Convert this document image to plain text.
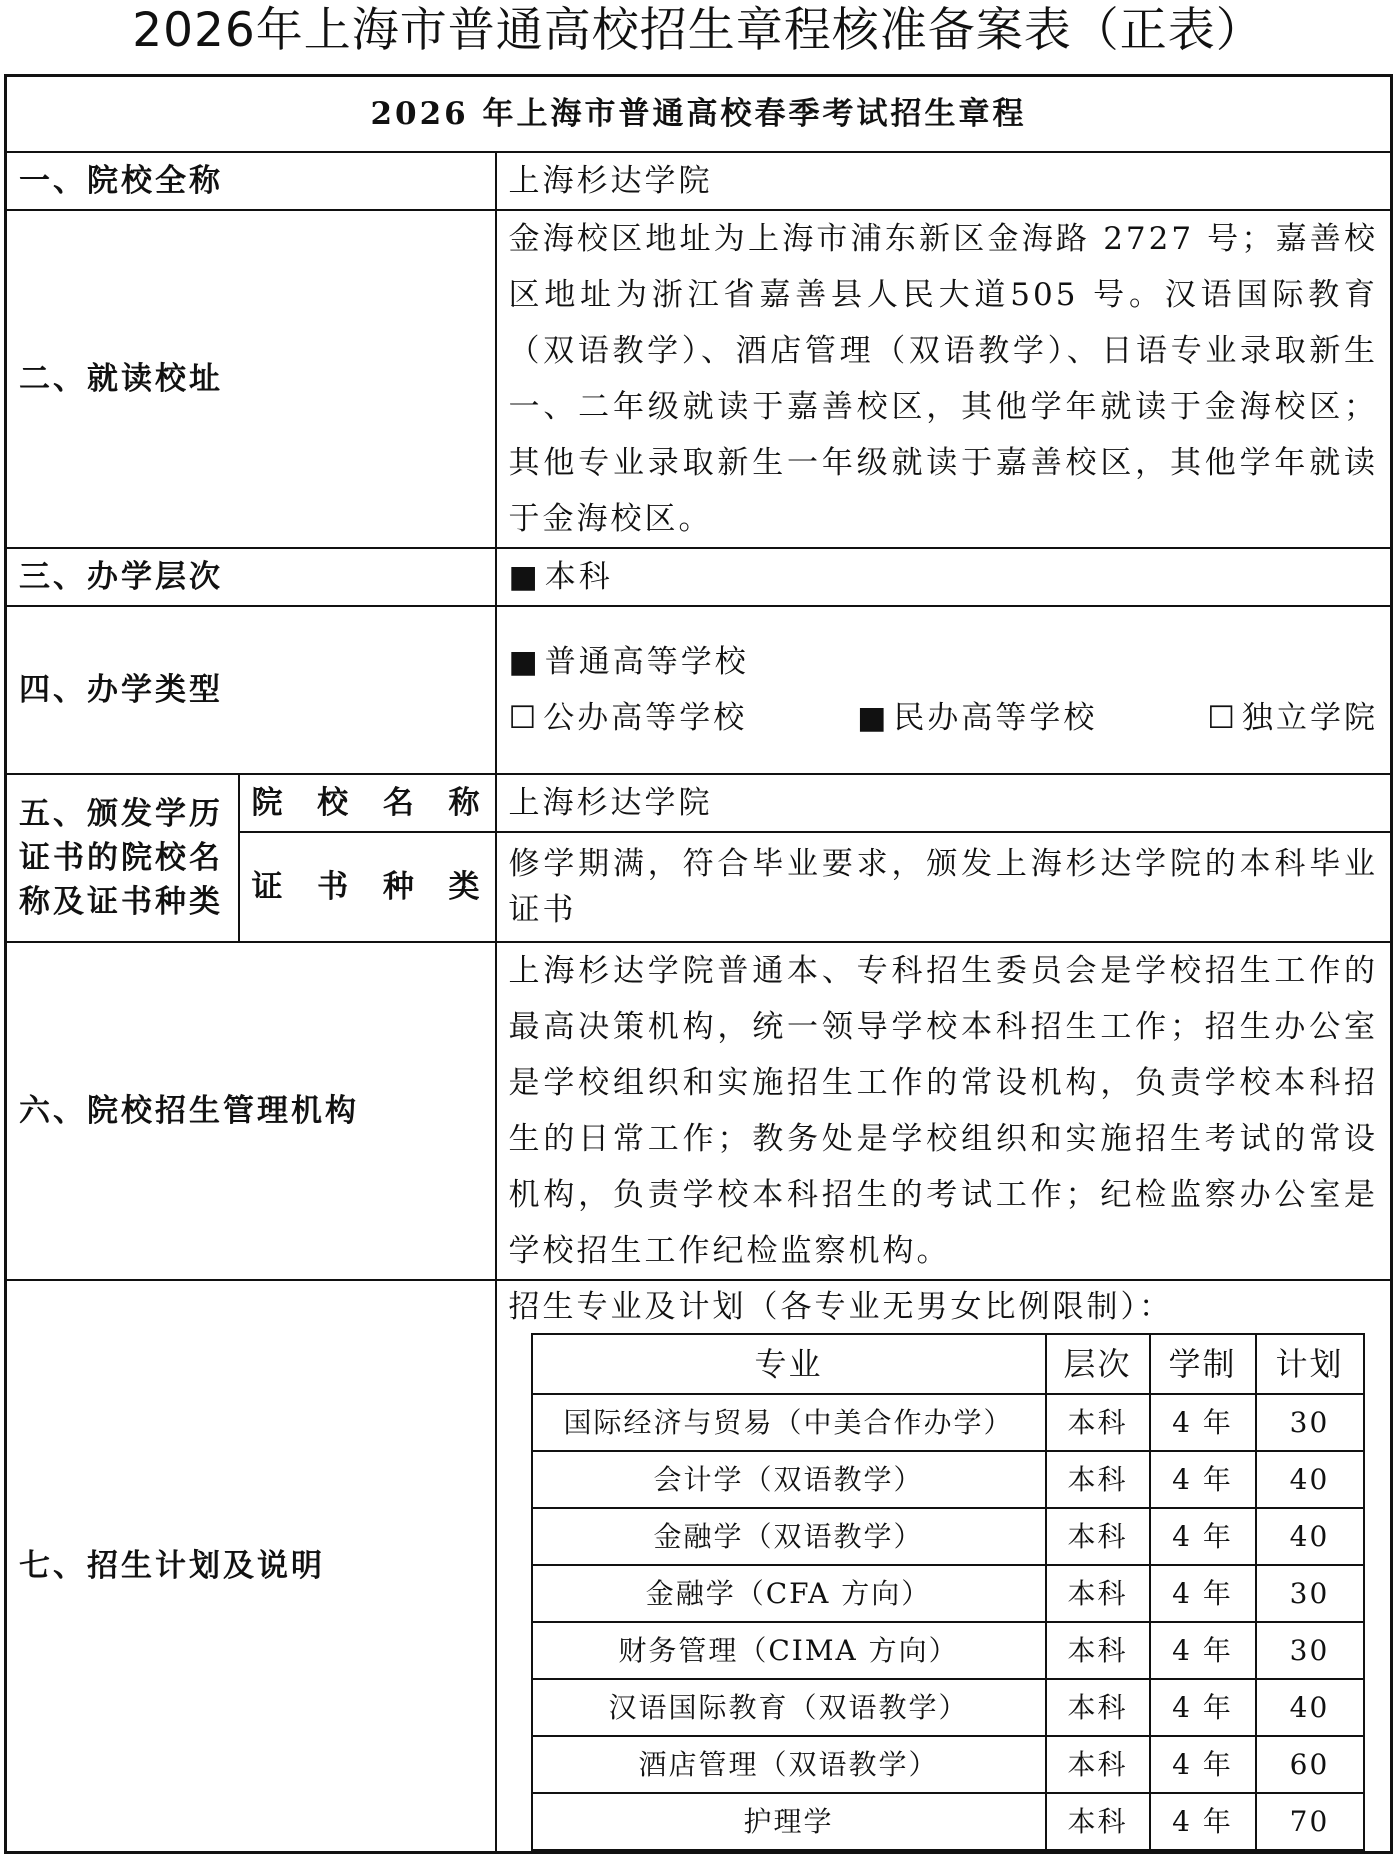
2026年上海市普通高校招生章程核准备案表（正表）
2026 年上海市普通高校春季考试招生章程
一、院校全称	上海杉达学院
二、就读校址	金海校区地址为上海市浦东新区金海路 2727 号；嘉善校区地址为浙江省嘉善县人民大道505 号。汉语国际教育（双语教学）、酒店管理（双语教学）、日语专业录取新生一、二年级就读于嘉善校区，其他学年就读于金海校区；其他专业录取新生一年级就读于嘉善校区，其他学年就读于金海校区。
三、办学层次	■ 本科
四、办学类型	
■ 普通高等学校
☐ 公办高等学校	■ 民办高等学校	☐ 独立学院

五、颁发学历证书的院校名称及证书种类	院校名称	上海杉达学院
证书种类	修学期满，符合毕业要求，颁发上海杉达学院的本科毕业证书
六、院校招生管理机构	上海杉达学院普通本、专科招生委员会是学校招生工作的最高决策机构，统一领导学校本科招生工作；招生办公室是学校组织和实施招生工作的常设机构，负责学校本科招生的日常工作；教务处是学校组织和实施招生考试的常设机构，负责学校本科招生的考试工作；纪检监察办公室是学校招生工作纪检监察机构。
七、招生计划及说明	
招生专业及计划（各专业无男女比例限制）：
专业	层次	学制	计划
国际经济与贸易（中美合作办学）	本科	4 年	30
会计学（双语教学）	本科	4 年	40
金融学（双语教学）	本科	4 年	40
金融学（CFA 方向）	本科	4 年	30
财务管理（CIMA 方向）	本科	4 年	30
汉语国际教育（双语教学）	本科	4 年	40
酒店管理（双语教学）	本科	4 年	60
护理学	本科	4 年	70
